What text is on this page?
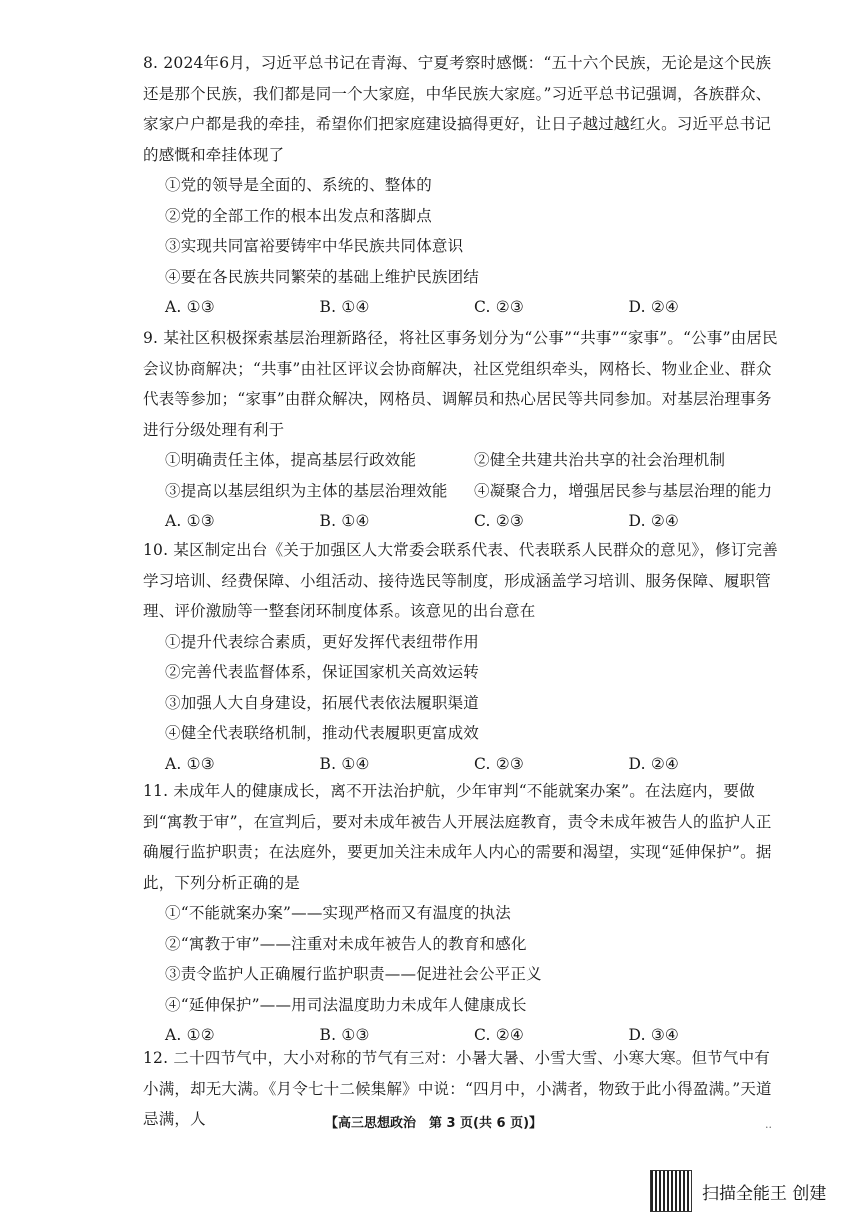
8. 2024年6月，习近平总书记在青海、宁夏考察时感慨：“五十六个民族，无论是这个民族还是那个民族，我们都是同一个大家庭，中华民族大家庭。”习近平总书记强调，各族群众、家家户户都是我的牵挂，希望你们把家庭建设搞得更好，让日子越过越红火。习近平总书记的感慨和牵挂体现了
①党的领导是全面的、系统的、整体的
②党的全部工作的根本出发点和落脚点
③实现共同富裕要铸牢中华民族共同体意识
④要在各民族共同繁荣的基础上维护民族团结
A. ①③	B. ①④	C. ②③	D. ②④
9. 某社区积极探索基层治理新路径，将社区事务划分为“公事”“共事”“家事”。“公事”由居民会议协商解决；“共事”由社区评议会协商解决，社区党组织牵头，网格长、物业企业、群众代表等参加；“家事”由群众解决，网格员、调解员和热心居民等共同参加。对基层治理事务进行分级处理有利于
①明确责任主体，提高基层行政效能	②健全共建共治共享的社会治理机制
③提高以基层组织为主体的基层治理效能	④凝聚合力，增强居民参与基层治理的能力
A. ①③	B. ①④	C. ②③	D. ②④
10. 某区制定出台《关于加强区人大常委会联系代表、代表联系人民群众的意见》，修订完善学习培训、经费保障、小组活动、接待选民等制度，形成涵盖学习培训、服务保障、履职管理、评价激励等一整套闭环制度体系。该意见的出台意在
①提升代表综合素质，更好发挥代表纽带作用
②完善代表监督体系，保证国家机关高效运转
③加强人大自身建设，拓展代表依法履职渠道
④健全代表联络机制，推动代表履职更富成效
A. ①③	B. ①④	C. ②③	D. ②④
11. 未成年人的健康成长，离不开法治护航，少年审判“不能就案办案”。在法庭内，要做到“寓教于审”，在宣判后，要对未成年被告人开展法庭教育，责令未成年被告人的监护人正确履行监护职责；在法庭外，要更加关注未成年人内心的需要和渴望，实现“延伸保护”。据此，下列分析正确的是
①“不能就案办案”——实现严格而又有温度的执法
②“寓教于审”——注重对未成年被告人的教育和感化
③责令监护人正确履行监护职责——促进社会公平正义
④“延伸保护”——用司法温度助力未成年人健康成长
A. ①②	B. ①③	C. ②④	D. ③④
12. 二十四节气中，大小对称的节气有三对：小暑大暑、小雪大雪、小寒大寒。但节气中有小满，却无大满。《月令七十二候集解》中说：“四月中，小满者，物致于此小得盈满。”天道忌满，人	【高三思想政治　第 3 页(共 6 页)】	..
扫描全能王 创建
